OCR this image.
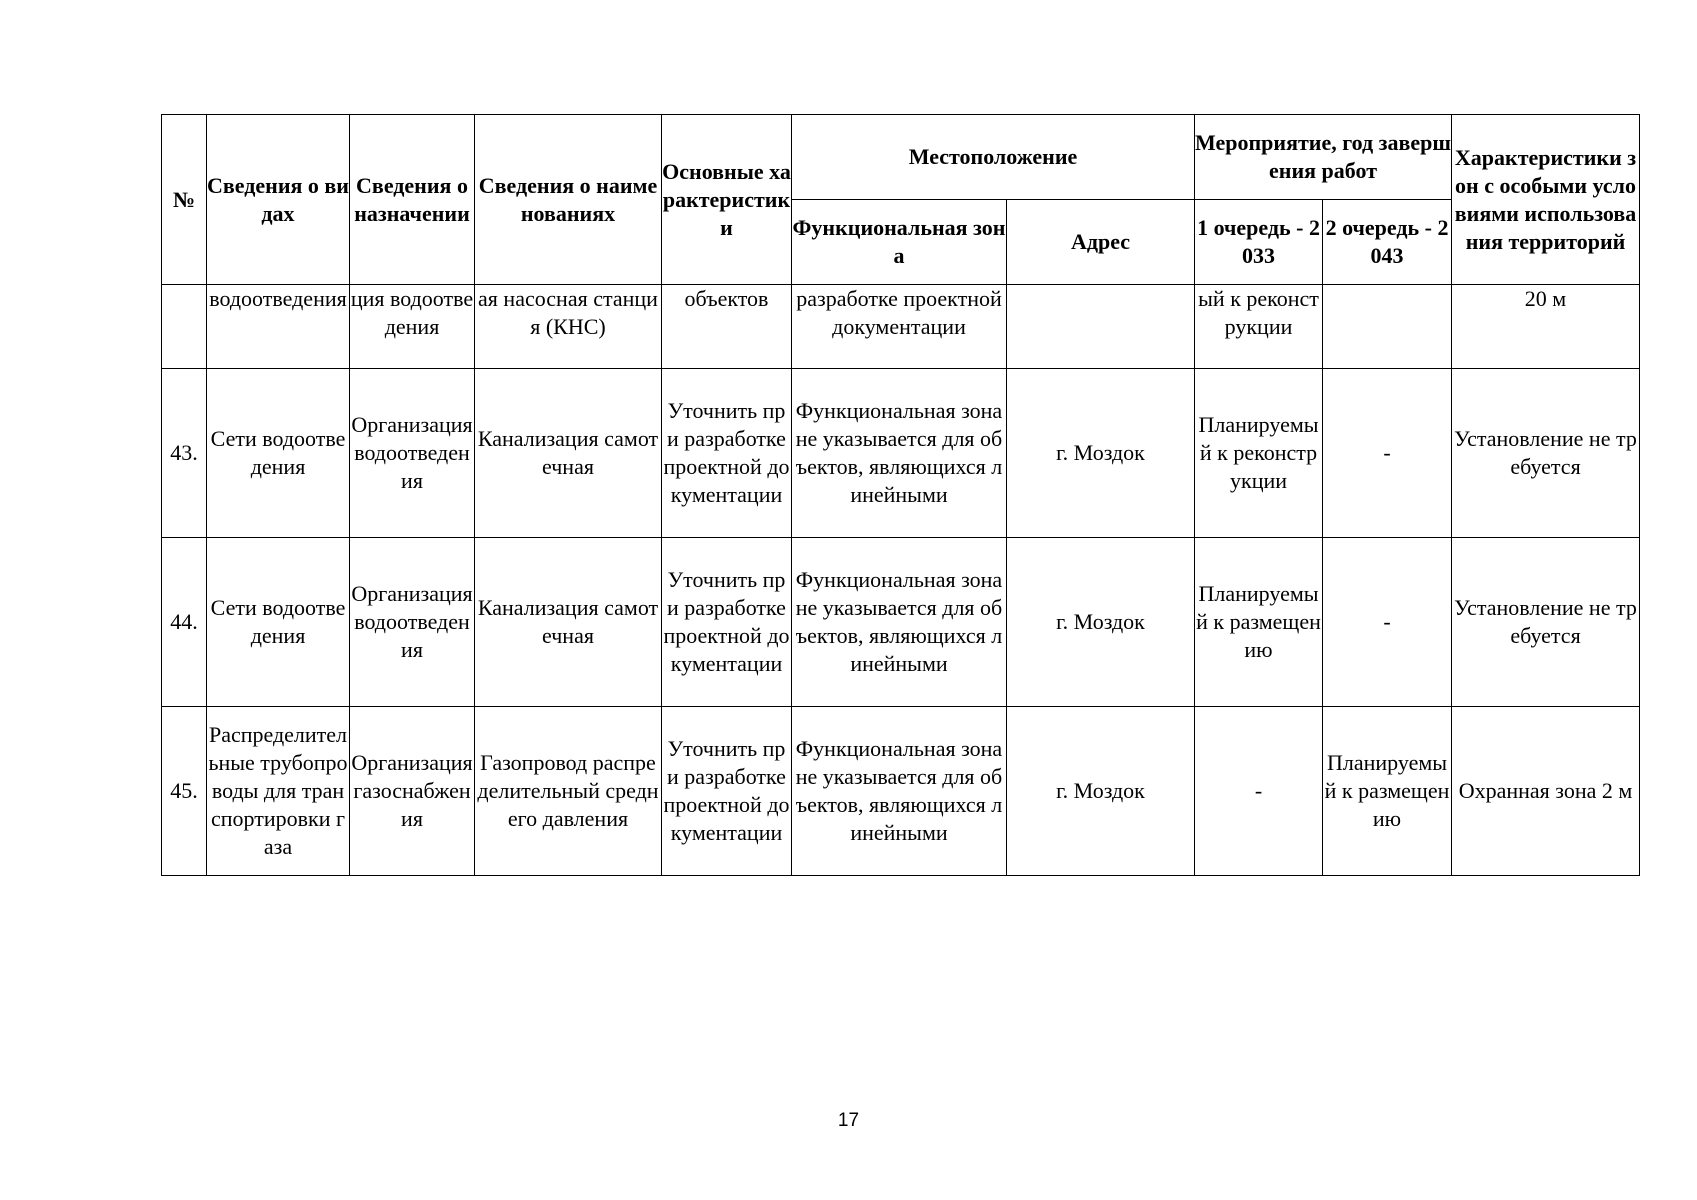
№	Сведения о видах	Сведения о назначении	Сведения о наименованиях	Основные характеристики	Местоположение		Мероприятие, год завершения работ		Характеристики зон с особыми условиями использования территорий
					Функциональная зона	Адрес	1 очередь - 2033	2 очередь - 2043	
	водоотведения	ция водоотведения	ая насосная станция (КНС)	объектов	разработке проектной документации		ый к реконструкции		20 м
43.	Сети водоотведения	Организация водоотведения	Канализация самотечная	Уточнить при разработке проектной документации	Функциональная зона не указывается для объектов, являющихся линейными	г. Моздок	Планируемый к реконструкции	-	Установление не требуется
44.	Сети водоотведения	Организация водоотведения	Канализация самотечная	Уточнить при разработке проектной документации	Функциональная зона не указывается для объектов, являющихся линейными	г. Моздок	Планируемый к размещению	-	Установление не требуется
45.	Распределительные трубопроводы для транспортировки газа	Организация газоснабжения	Газопровод распределительный среднего давления	Уточнить при разработке проектной документации	Функциональная зона не указывается для объектов, являющихся линейными	г. Моздок	-	Планируемый к размещению	Охранная зона 2 м
17
